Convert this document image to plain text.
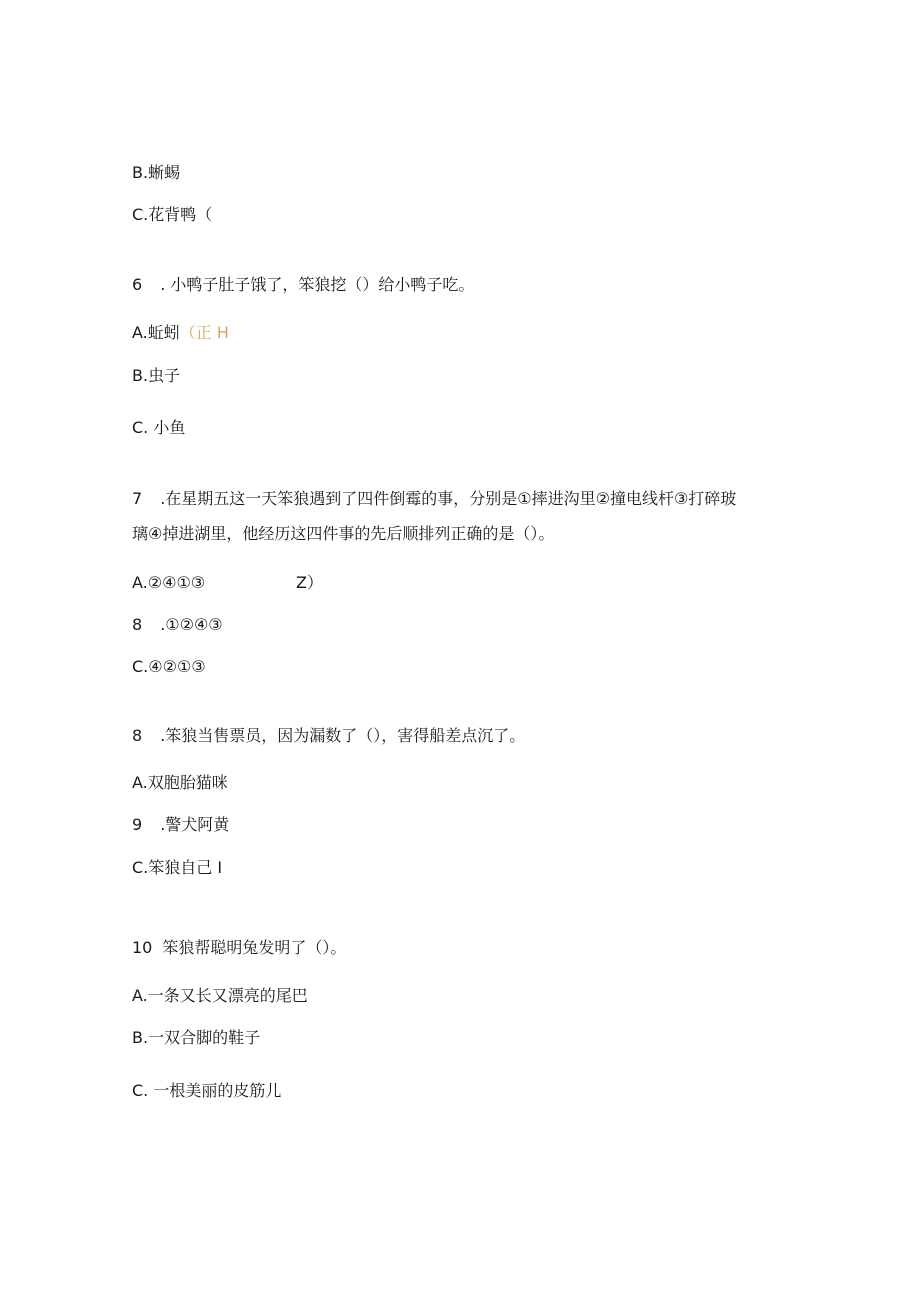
B.蜥蜴
C.花背鸭（
6 . 小鸭子肚子饿了，笨狼挖（）给小鸭子吃。
A.蚯蚓（正 H
B.虫子
C. 小鱼
7 .在星期五这一天笨狼遇到了四件倒霉的事，分别是①摔进沟里②撞电线杆③打碎玻
璃④掉进湖里，他经历这四件事的先后顺排列正确的是（）。
A.②④①③	Z）
8 .①②④③
C.④②①③
8 .笨狼当售票员，因为漏数了（），害得船差点沉了。
A.双胞胎猫咪
9 .警犬阿黄
C.笨狼自己 I
10 笨狼帮聪明兔发明了（）。
A.一条又长又漂亮的尾巴
B.一双合脚的鞋子
C. 一根美丽的皮筋儿
